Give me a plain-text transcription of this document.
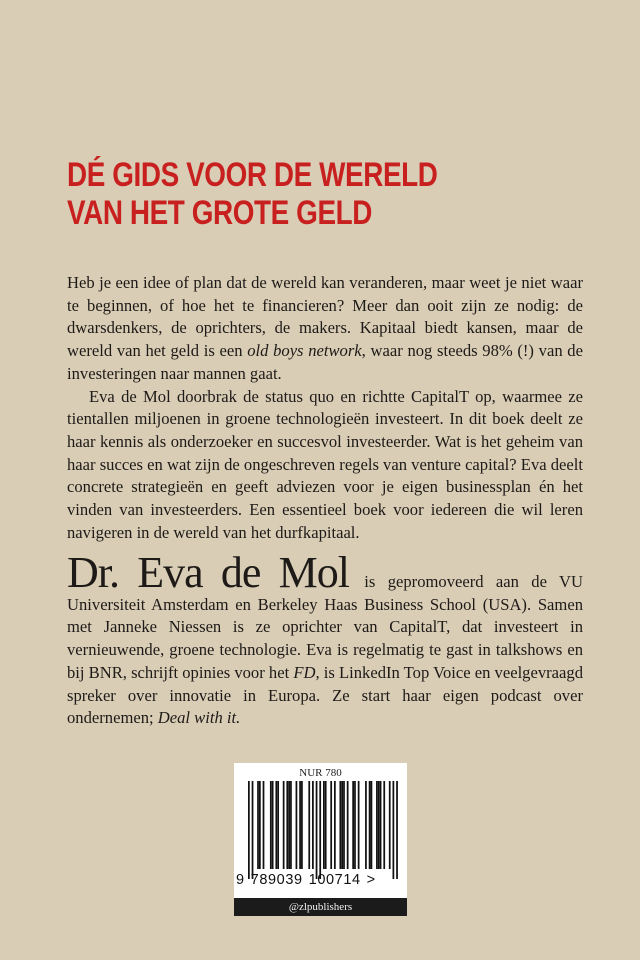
DÉ GIDS VOOR DE WERELD
VAN HET GROTE GELD

Heb je een idee of plan dat de wereld kan veranderen, maar weet je niet waar te beginnen, of hoe het te financieren? Meer dan ooit zijn ze nodig: de dwarsdenkers, de oprichters, de makers. Kapitaal biedt kansen, maar de wereld van het geld is een old boys network, waar nog steeds 98% (!) van de investeringen naar mannen gaat.

Eva de Mol doorbrak de status quo en richtte CapitalT op, waarmee ze tientallen miljoenen in groene technologieën investeert. In dit boek deelt ze haar kennis als onderzoeker en succesvol investeerder. Wat is het geheim van haar succes en wat zijn de ongeschreven regels van venture capital? Eva deelt concrete strategieën en geeft adviezen voor je eigen businessplan én het vinden van investeerders. Een essentieel boek voor iedereen die wil leren navigeren in de wereld van het durfkapitaal.

Dr. Eva de Mol is gepromoveerd aan de VU Universiteit Amsterdam en Berkeley Haas Business School (USA). Samen met Janneke Niessen is ze oprichter van CapitalT, dat investeert in vernieuwende, groene technologie. Eva is regelmatig te gast in talkshows en bij BNR, schrijft opinies voor het FD, is LinkedIn Top Voice en veelgevraagd spreker over innovatie in Europa. Ze start haar eigen podcast over ondernemen; Deal with it.

NUR 780
9 789039 100714 >
@zlpublishers
